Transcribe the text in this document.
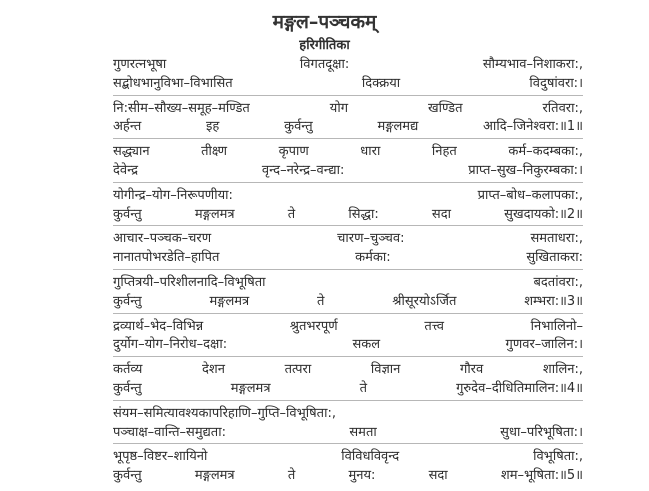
मङ्गल–पञ्चकम्
हरिगीतिका
गुणरत्नभूषा विगतदूक्षा: सौम्यभाव–निशाकरा:,
सद्बोधभानुविभा–विभासित दिक्क्रया विदुषांवरा:।
नि:सीम–सौख्य–समूह–मण्डित योग खण्डित रतिवरा:,
अर्हन्त इह कुर्वन्तु मङ्गलमद्य आदि–जिनेश्वरा:॥1॥
सद्ध्यान तीक्ष्ण कृपाण धारा निहत कर्म–कदम्बका:,
देवेन्द्र वृन्द–नरेन्द्र–वन्द्या: प्राप्त–सुख–निकुरम्बका:।
योगीन्द्र–योग–निरूपणीया: प्राप्त–बोध–कलापका:,
कुर्वन्तु मङ्गलमत्र ते सिद्धा: सदा सुखदायको:॥2॥
आचार–पञ्चक–चरण चारण–चुञ्चव: समताधरा:,
नानातपोभरडेति–हापित कर्मका: सुखिताकरा:
गुप्तित्रयी–परिशीलनादि–विभूषिता बदतांवरा:,
कुर्वन्तु मङ्गलमत्र ते श्रीसूरयोऽर्जित शम्भरा:॥3॥
द्रव्यार्थ–भेद–विभिन्न श्रुतभरपूर्ण तत्त्व निभालिनो–
दुर्योग–योग–निरोध–दक्षा: सकल गुणवर–जालिन:।
कर्तव्य देशन तत्परा विज्ञान गौरव शालिन:,
कुर्वन्तु मङ्गलमत्र ते गुरुदेव–दीधितिमालिन:॥4॥
संयम–समित्यावश्यकापरिहाणि–गुप्ति–विभूषिता:,
पञ्चाक्ष–वान्ति–समुद्यता: समता सुधा–परिभूषिता:।
भूपृष्ठ–विष्टर–शायिनो विविधविवृन्द विभूषिता:,
कुर्वन्तु मङ्गलमत्र ते मुनय: सदा शम–भूषिता:॥5॥
